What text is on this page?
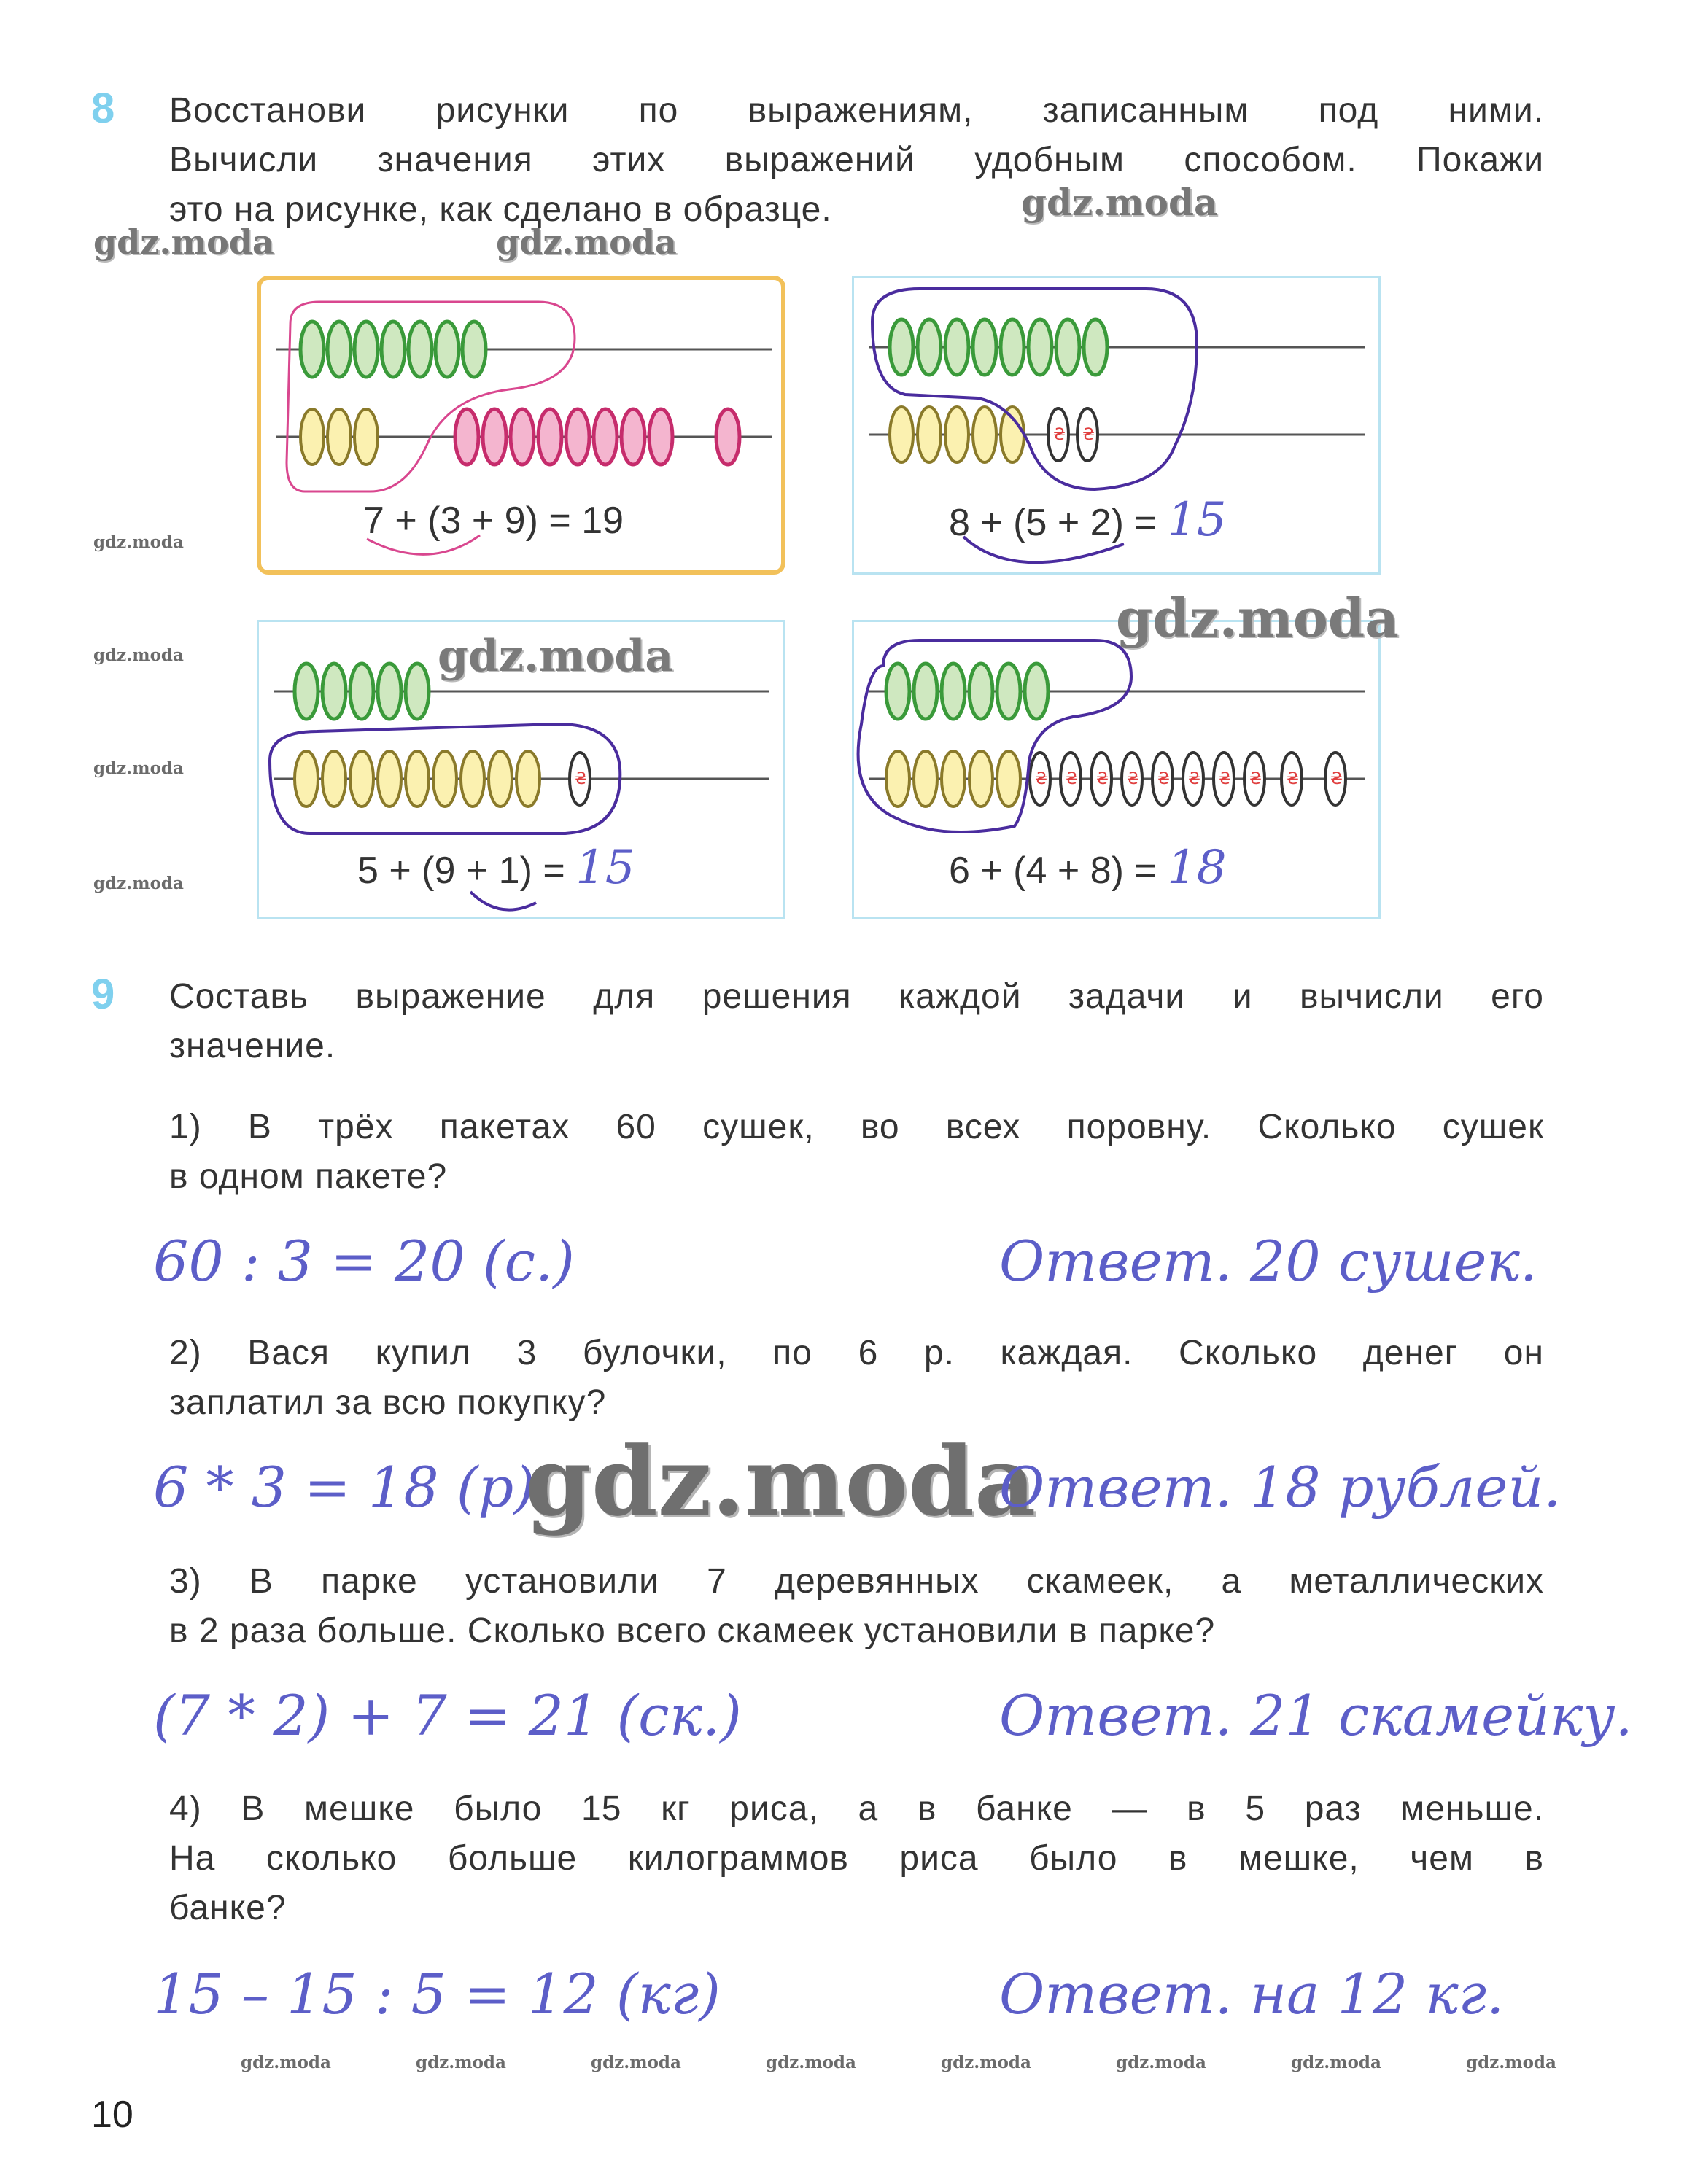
8 Восстанови рисунки по выражениям, записанным под ними.
Вычисли значения этих выражений удобным способом. Покажи
это на рисунке, как сделано в образце.	gdz.moda
gdz.moda	gdz.moda
gdz.moda
gdz.moda
gdz.moda
gdz.moda
7 + (3 + 9) = 19
₴ ₴
8 + (5 + 2) = 15
₴
5 + (9 + 1) = 15
gdz.moda
₴ ₴ ₴ ₴ ₴ ₴ ₴ ₴ ₴ ₴
6 + (4 + 8) = 18
gdz.moda
9 Составь выражение для решения каждой задачи и вычисли его
значение.
1) В трёх пакетах 60 сушек, во всех поровну. Сколько сушек
в одном пакете?
60 : 3 = 20 (с.)	Ответ. 20 сушек.
2) Вася купил 3 булочки, по 6 р. каждая. Сколько денег он
заплатил за всю покупку?
6 * 3 = 18 (р)
gdz.moda
Ответ. 18 рублей.
3) В парке установили 7 деревянных скамеек, а металлических
в 2 раза больше. Сколько всего скамеек установили в парке?
(7 * 2) + 7 = 21 (ск.)	Ответ. 21 скамейку.
4) В мешке было 15 кг риса, а в банке — в 5 раз меньше.
На сколько больше килограммов риса было в мешке, чем в
банке?
15 – 15 : 5 = 12 (кг)	Ответ. на 12 кг.
gdz.moda	gdz.moda	gdz.moda	gdz.moda	gdz.moda	gdz.moda	gdz.moda	gdz.moda
10
